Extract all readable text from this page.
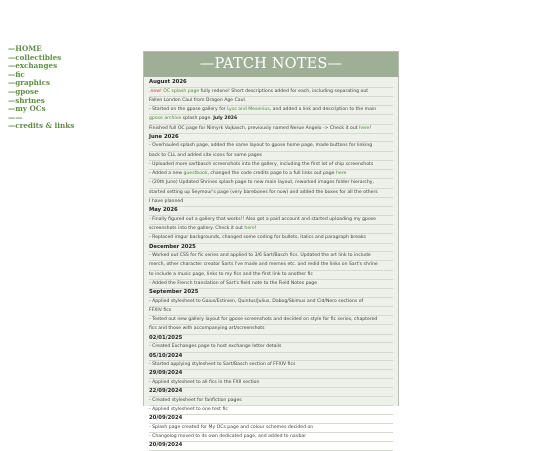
—HOME
—collectibles
—exchanges
—fic
—graphics
—gpose
—shrines
—my OCs
——
—credits & links
—PATCH NOTES—
August 2026
.new! OC splash page fully redone! Short descriptions added for each, including separating out
Fallen London Caul from Dragon Age Caul.
- Started on the gpose gallery for Lyss and Mesenius, and added a link and description to the main
gpose archive splash page. July 2026
Finished full OC page for Nimyrk Vojkasch, previously named Nerue Angelo -> Check it out here!
June 2026
- Overhauled splash page, added the same layout to gpose home page, made buttons for linking
back to CLL and added site icons for some pages
- Uploaded more sartbasch screenshots into the gallery, including the first lot of ship screenshots
- Added a new guestbook, changed the code credits page to a full links out page here
- (20th June) Updated Shrines splash page to new main layout, reworked images folder hierarchy,
started setting up Seymour's page (very barebones for now) and added the boxes for all the others
I have planned
May 2026
- Finally figured out a gallery that works!! Also got a paid account and started uploading my gpose
screenshots into the gallery. Check it out here!
- Replaced imgur backgrounds, changed some coding for bullets, italics and paragraph breaks
December 2025
- Worked out CSS for fic series and applied to 3/6 Sart/Basch fics. Updated the art link to include
merch, other character creator Sarts I've made and memes etc. and redid the links on Sart's shrine
to include a music page, links to my fics and the first link to another fic
- Added the French translation of Sart's field note to the Field Notes page
September 2025
- Applied stylesheet to Gaius/Estinien, Quintus/Julius, Dabog/Skimus and Cid/Nero sections of
FFXIV fics
- Tested out new gallery layout for gpose screenshots and decided on style for fic series, chaptered
fics and those with accompanying art/screenshots
02/01/2025
- Created Exchanges page to host exchange letter details
05/10/2024
- Started applying stylesheet to Sart/Basch section of FFXIV fics
29/09/2024
- Applied stylesheet to all fics in the FXII section
22/09/2024
- Created stylesheet for fanfiction pages
- Applied stylesheet to one test fic
20/09/2024
- Splash page created for My OCs page and colour schemes decided on
- Changelog moved to its own dedicated page, and added to navbar
20/09/2024
